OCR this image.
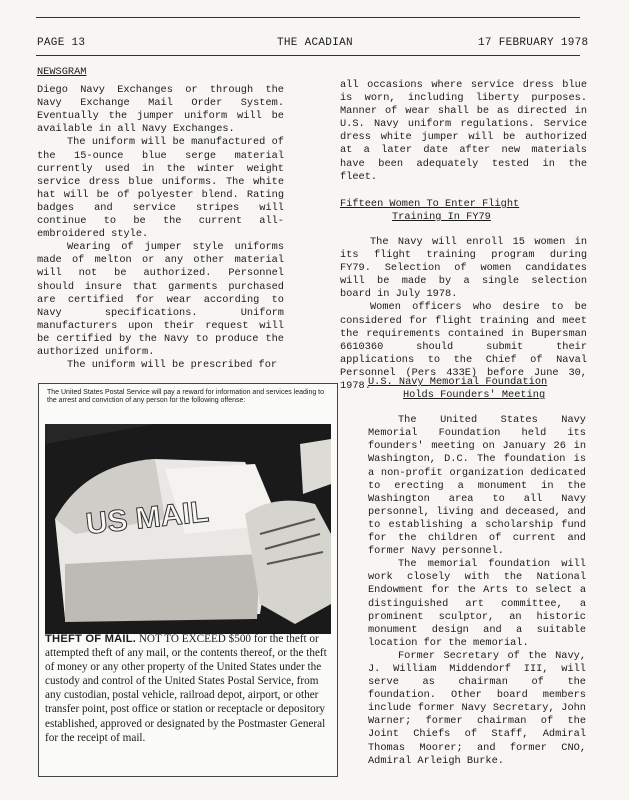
PAGE 13	THE ACADIAN	17 FEBRUARY 1978
NEWSGRAM

Diego Navy Exchanges or through the Navy Exchange Mail Order System. Eventually the jumper uniform will be available in all Navy Exchanges.

The uniform will be manufactured of the 15-ounce blue serge material currently used in the winter weight service dress blue uniforms. The white hat will be of polyester blend. Rating badges and service stripes will continue to be the current all-embroidered style.

Wearing of jumper style uniforms made of melton or any other material will not be authorized. Personnel should insure that garments purchased are certified for wear according to Navy specifications. Uniform manufacturers upon their request will be certified by the Navy to produce the authorized uniform.

The uniform will be prescribed for

all occasions where service dress blue is worn, including liberty purposes. Manner of wear shall be as directed in U.S. Navy uniform regulations. Service dress white jumper will be authorized at a later date after new materials have been adequately tested in the fleet.

Fifteen Women To Enter Flight
Training In FY79

The Navy will enroll 15 women in its flight training program during FY79. Selection of women candidates will be made by a single selection board in July 1978.

Women officers who desire to be considered for flight training and meet the requirements contained in Bupersman 6610360 should submit their applications to the Chief of Naval Personnel (Pers 433E) before June 30, 1978.

U.S. Navy Memorial Foundation
Holds Founders' Meeting

The United States Navy Memorial Foundation held its founders' meeting on January 26 in Washington, D.C. The foundation is a non-profit organization dedicated to erecting a monument in the Washington area to all Navy personnel, living and deceased, and to establishing a scholarship fund for the children of current and former Navy personnel.

The memorial foundation will work closely with the National Endowment for the Arts to select a distinguished art committee, a prominent sculptor, an historic monument design and a suitable location for the memorial.

Former Secretary of the Navy, J. William Middendorf III, will serve as chairman of the foundation. Other board members include former Navy Secretary, John Warner; former chairman of the Joint Chiefs of Staff, Admiral Thomas Moorer; and former CNO, Admiral Arleigh Burke.

The United States Postal Service will pay a reward for information and services leading to the arrest and conviction of any person for the following offense:
US MAIL
THEFT OF MAIL. NOT TO EXCEED $500 for the theft or attempted theft of any mail, or the contents thereof, or the theft of money or any other property of the United States under the custody and control of the United States Postal Service, from any custodian, postal vehicle, railroad depot, airport, or other transfer point, post office or station or receptacle or depository established, approved or designated by the Postmaster General for the receipt of mail.
